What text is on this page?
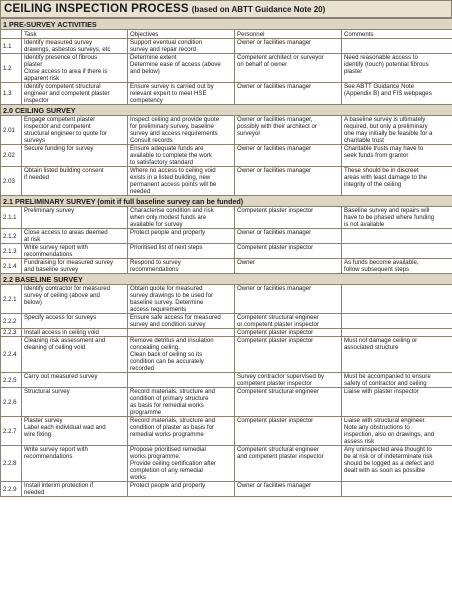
CEILING INSPECTION PROCESS (based on ABTT Guidance Note 20)
1 PRE-SURVEY ACTIVITIES				
	Task	Objectives	Personnel	Comments
1.1	Identify measured survey
drawings, asbestos surveys, etc	Support eventual condition
survey and repair record	Owner or facilities manager	
1.2	Identify presence of fibrous
plaster
Close access to area if there is
apparent risk	Determine extent
Determine ease of access (above
and below)	Competent architect or surveyor
on behalf of owner	Need reasonable access to
identify (touch) potential fibrous
plaster
1.3	Identify competent structural
engineer and competent plaster
inspector	Ensure survey is carried out by
relevant expert to meet HSE
competency	Owner or facilities manager	See ABTT Guidance Note
(Appendix B) and FIS webpages
2.0 CEILING SURVEY				
2.01	Engage competent plaster
inspector and competent
structural engineer to quote for
surveys	Inspect ceiling and provide quote
for preliminary survey, baseline
survey and access requirements
Consult records	Owner or facilities manager,
possibly with their architect or
surveyor	A baseline survey is ultimately
required, but only a preliminary
one may initially be feasible for a
charitable trust
2.02	Secure funding for survey	Ensure adequate funds are
available to complete the work
to satisfactory standard	Owner or facilities manager	Charitable trusts may have to
seek funds from grantor
2.03	Obtain listed building consent
if needed	Where no access to ceiling void
exists in a listed building, new
permanent access points will be
needed	Owner or facilities manager	These should be in discreet
areas with least damage to the
integrity of the ceiling
2.1 PRELIMINARY SURVEY (omit if full baseline survey can be funded)				
2.1.1	Preliminary survey	Characterise condition and risk
when only modest funds are
available for survey	Competent plaster inspector	Baseline survey and repairs will
have to be phased where funding
is not available
2.1.2	Close access to areas deemed
at risk	Protect people and property	Owner or facilities manager	
2.1.3	Write survey report with
recommendations	Prioritised list of next steps	Competent plaster inspector	
2.1.4	Fundraising for measured survey
and baseline survey	Respond to survey
recommendations	Owner	As funds become available,
follow subsequent steps
2.2 BASELINE SURVEY				
2.2.1	Identify contractor for measured
survey of ceiling (above and
below)	Obtain quote for measured
survey drawings to be used for
baseline survey. Determine
access requirements	Owner or facilities manager	
2.2.2	Specify access for surveys	Ensure safe access for measured
survey and condition survey	Competent structural engineer
or competent plaster inspector	
2.2.3	Install access in ceiling void		Competent plaster inspector	
2.2.4	Cleaning risk assessment and
cleaning of ceiling void	Remove detritus and insulation
concealing ceiling.
Clean back of ceiling so its
condition can be accurately
recorded	Competent plaster inspector	Must not damage ceiling or
associated structure
2.2.5	Carry out measured survey		Survey contractor supervised by
competent plaster inspector	Must be accompanied to ensure
safety of contractor and ceiling
2.2.6	Structural survey	Record materials, structure and
condition of primary structure
as basis for remedial works
programme	Competent structural engineer	Liaise with plaster inspector
2.2.7	Plaster survey
Label each individual wad and
wire fixing	Record materials, structure and
condition of plaster as basis for
remedial works programme	Competent plaster inspector	Liaise with structural engineer.
Note any obstructions to
inspection, also on drawings, and
assess risk
2.2.8	Write survey report with
recommendations	Propose prioritised remedial
works programme.
Provide ceiling certification after
completion of any remedial
works	Competent structural engineer
and competent plaster inspector	Any uninspected area thought to
be at risk or of indeterminate risk
should be logged as a defect and
dealt with as soon as possible
2.2.9	Install interim protection if
needed	Protect people and property	Owner or facilities manager	
